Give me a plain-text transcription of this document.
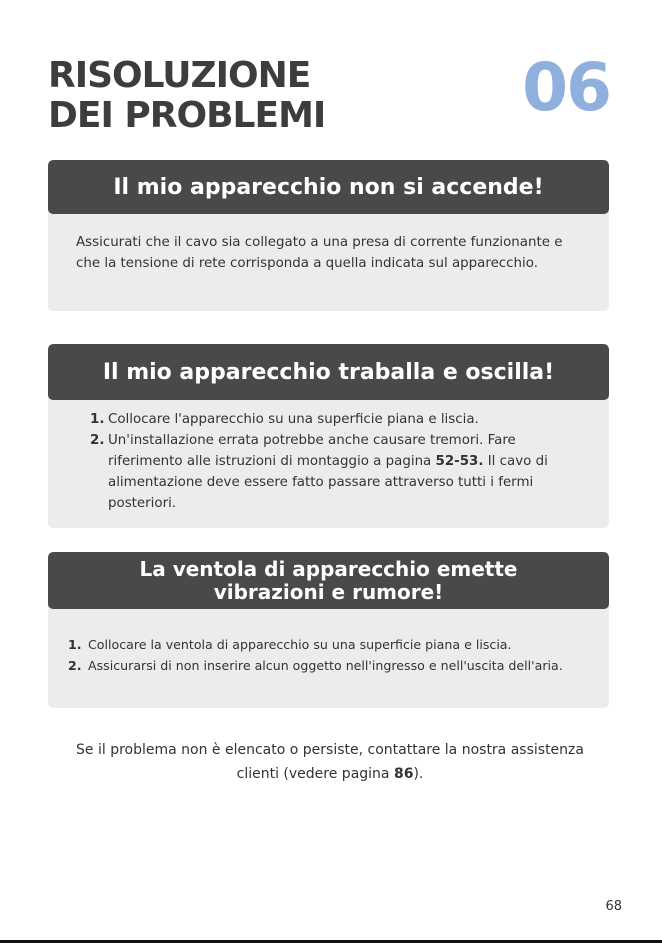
RISOLUZIONE
DEI PROBLEMI	06
Il mio apparecchio non si accende!
Assicurati che il cavo sia collegato a una presa di corrente funzionante e che la tensione di rete corrisponda a quella indicata sul apparecchio.
Il mio apparecchio traballa e oscilla!
1. Collocare l'apparecchio su una superficie piana e liscia.
2. Un'installazione errata potrebbe anche causare tremori. Fare riferimento alle istruzioni di montaggio a pagina 52-53. Il cavo di alimentazione deve essere fatto passare attraverso tutti i fermi posteriori.
La ventola di apparecchio emette
vibrazioni e rumore!
1. Collocare la ventola di apparecchio su una superficie piana e liscia.
2. Assicurarsi di non inserire alcun oggetto nell'ingresso e nell'uscita dell'aria.

Se il problema non è elencato o persiste, contattare la nostra assistenza clienti (vedere pagina 86).

68
